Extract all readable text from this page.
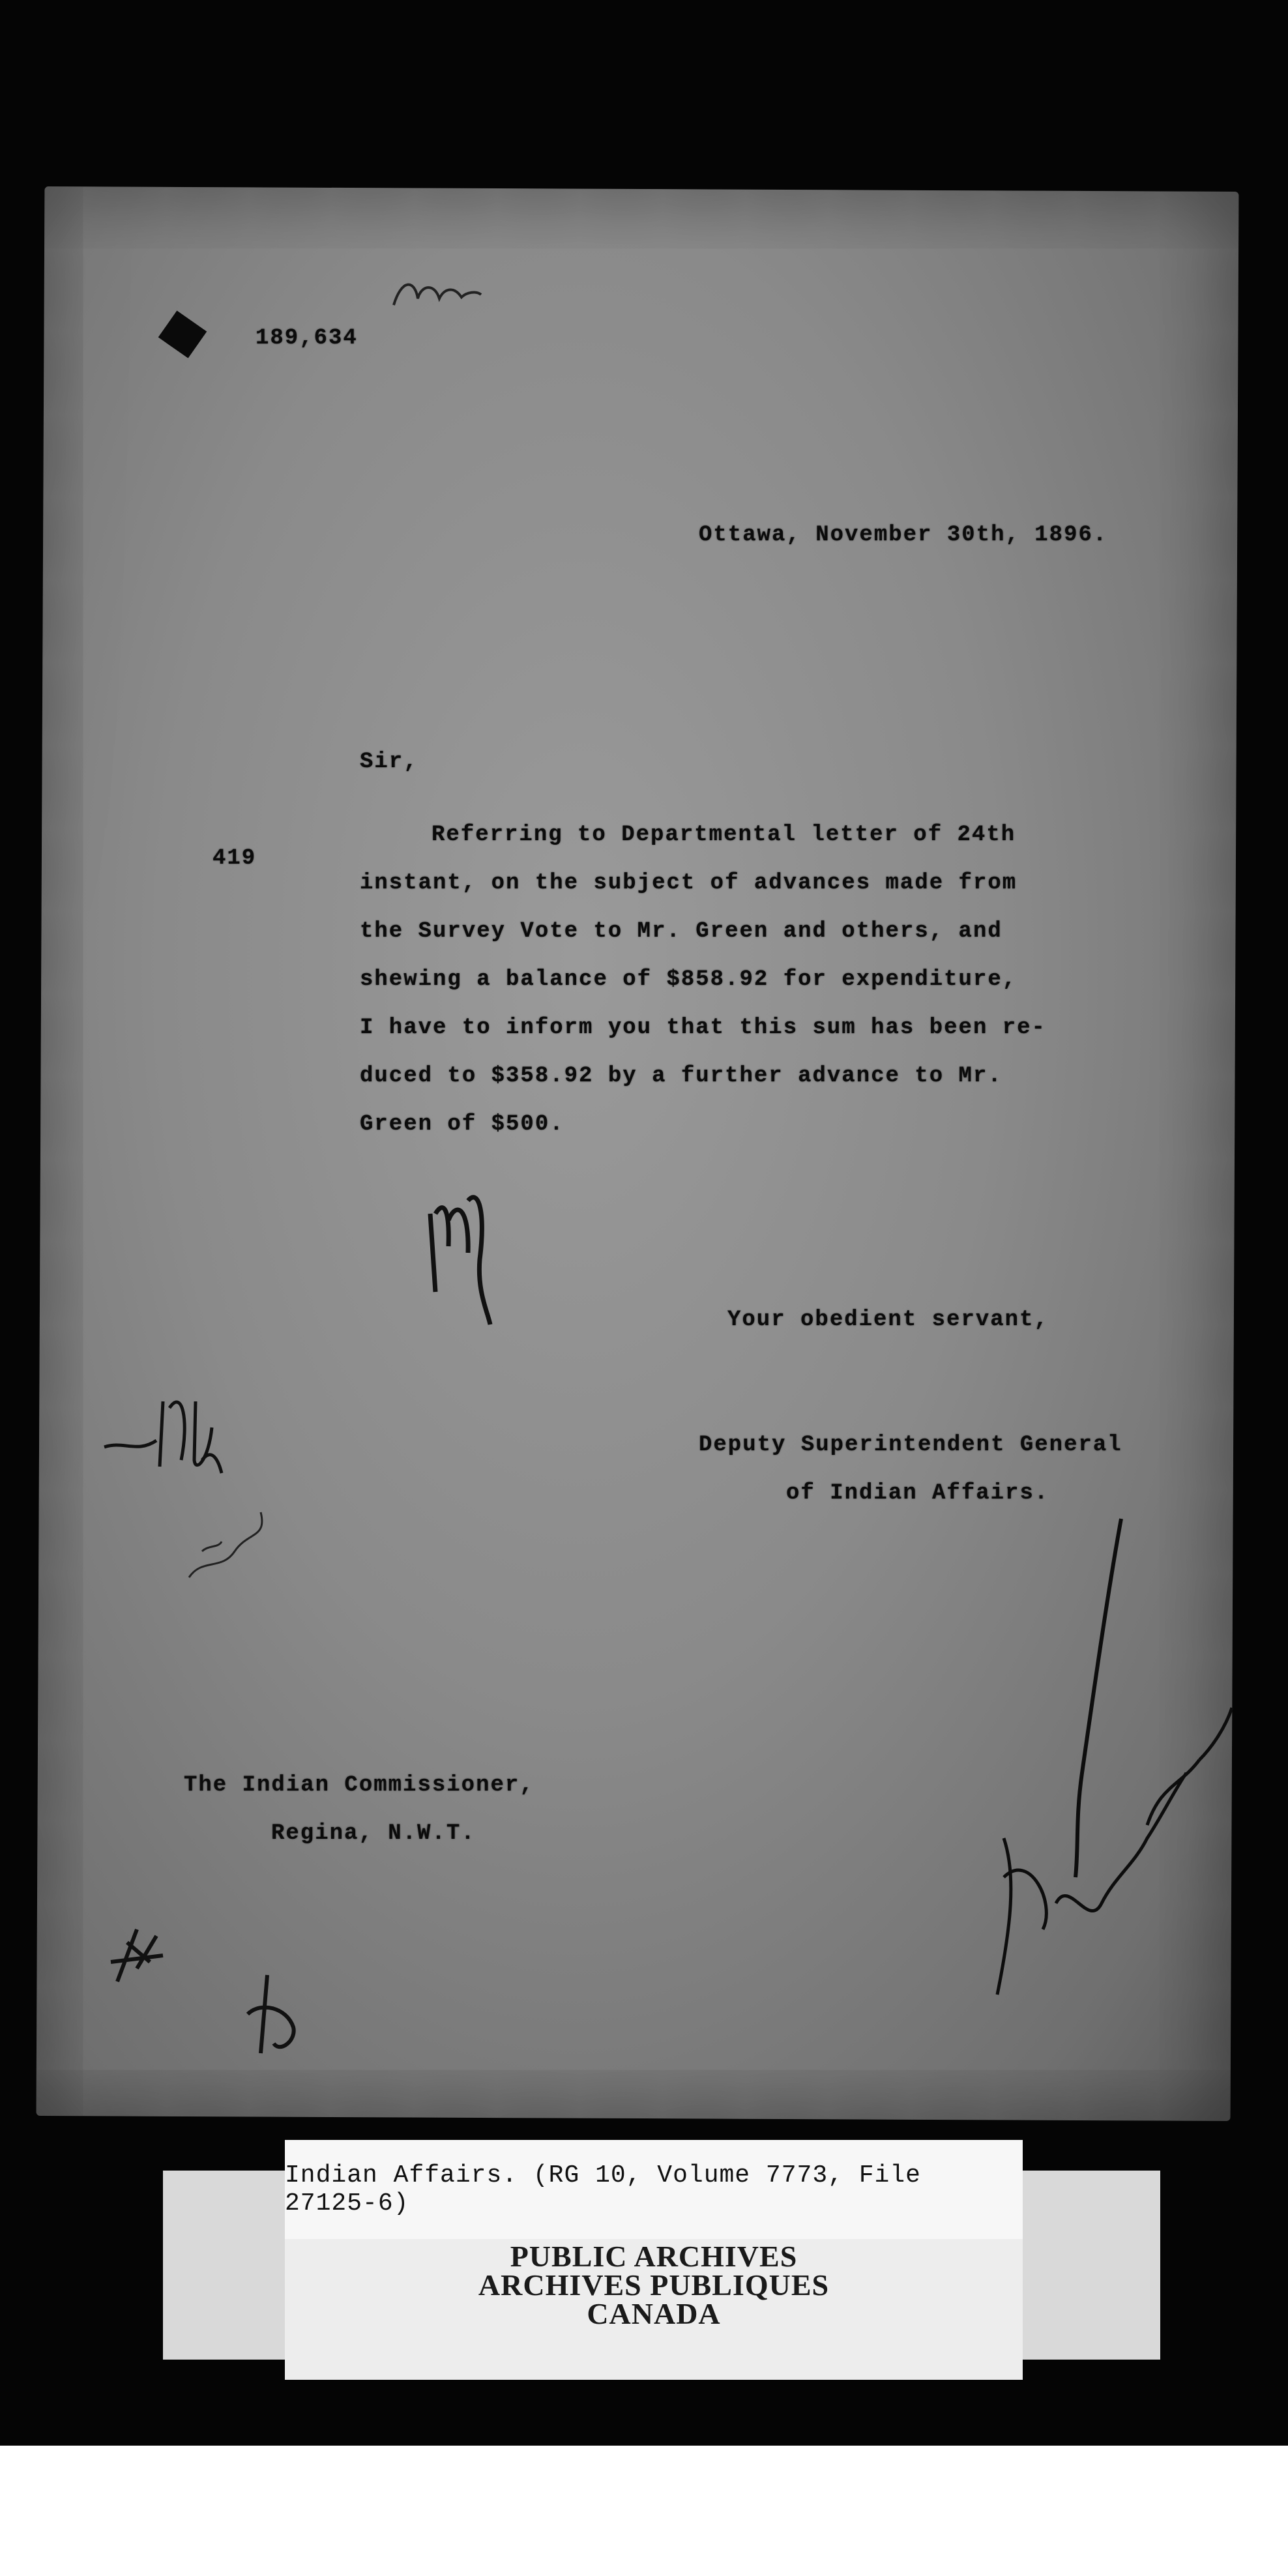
189,634
Ottawa, November 30th, 1896.
Sir,
419
Referring to Departmental letter of 24th
instant, on the subject of advances made from
the Survey Vote to Mr. Green and others, and
shewing a balance of $858.92 for expenditure,
I have to inform you that this sum has been re-
duced to $358.92 by a further advance to Mr.
Green of $500.
Your obedient servant,
Deputy Superintendent General
of Indian Affairs.
The Indian Commissioner,
Regina, N.W.T.
Indian Affairs. (RG 10, Volume 7773, File 27125-6)
PUBLIC ARCHIVES
ARCHIVES PUBLIQUES
CANADA
